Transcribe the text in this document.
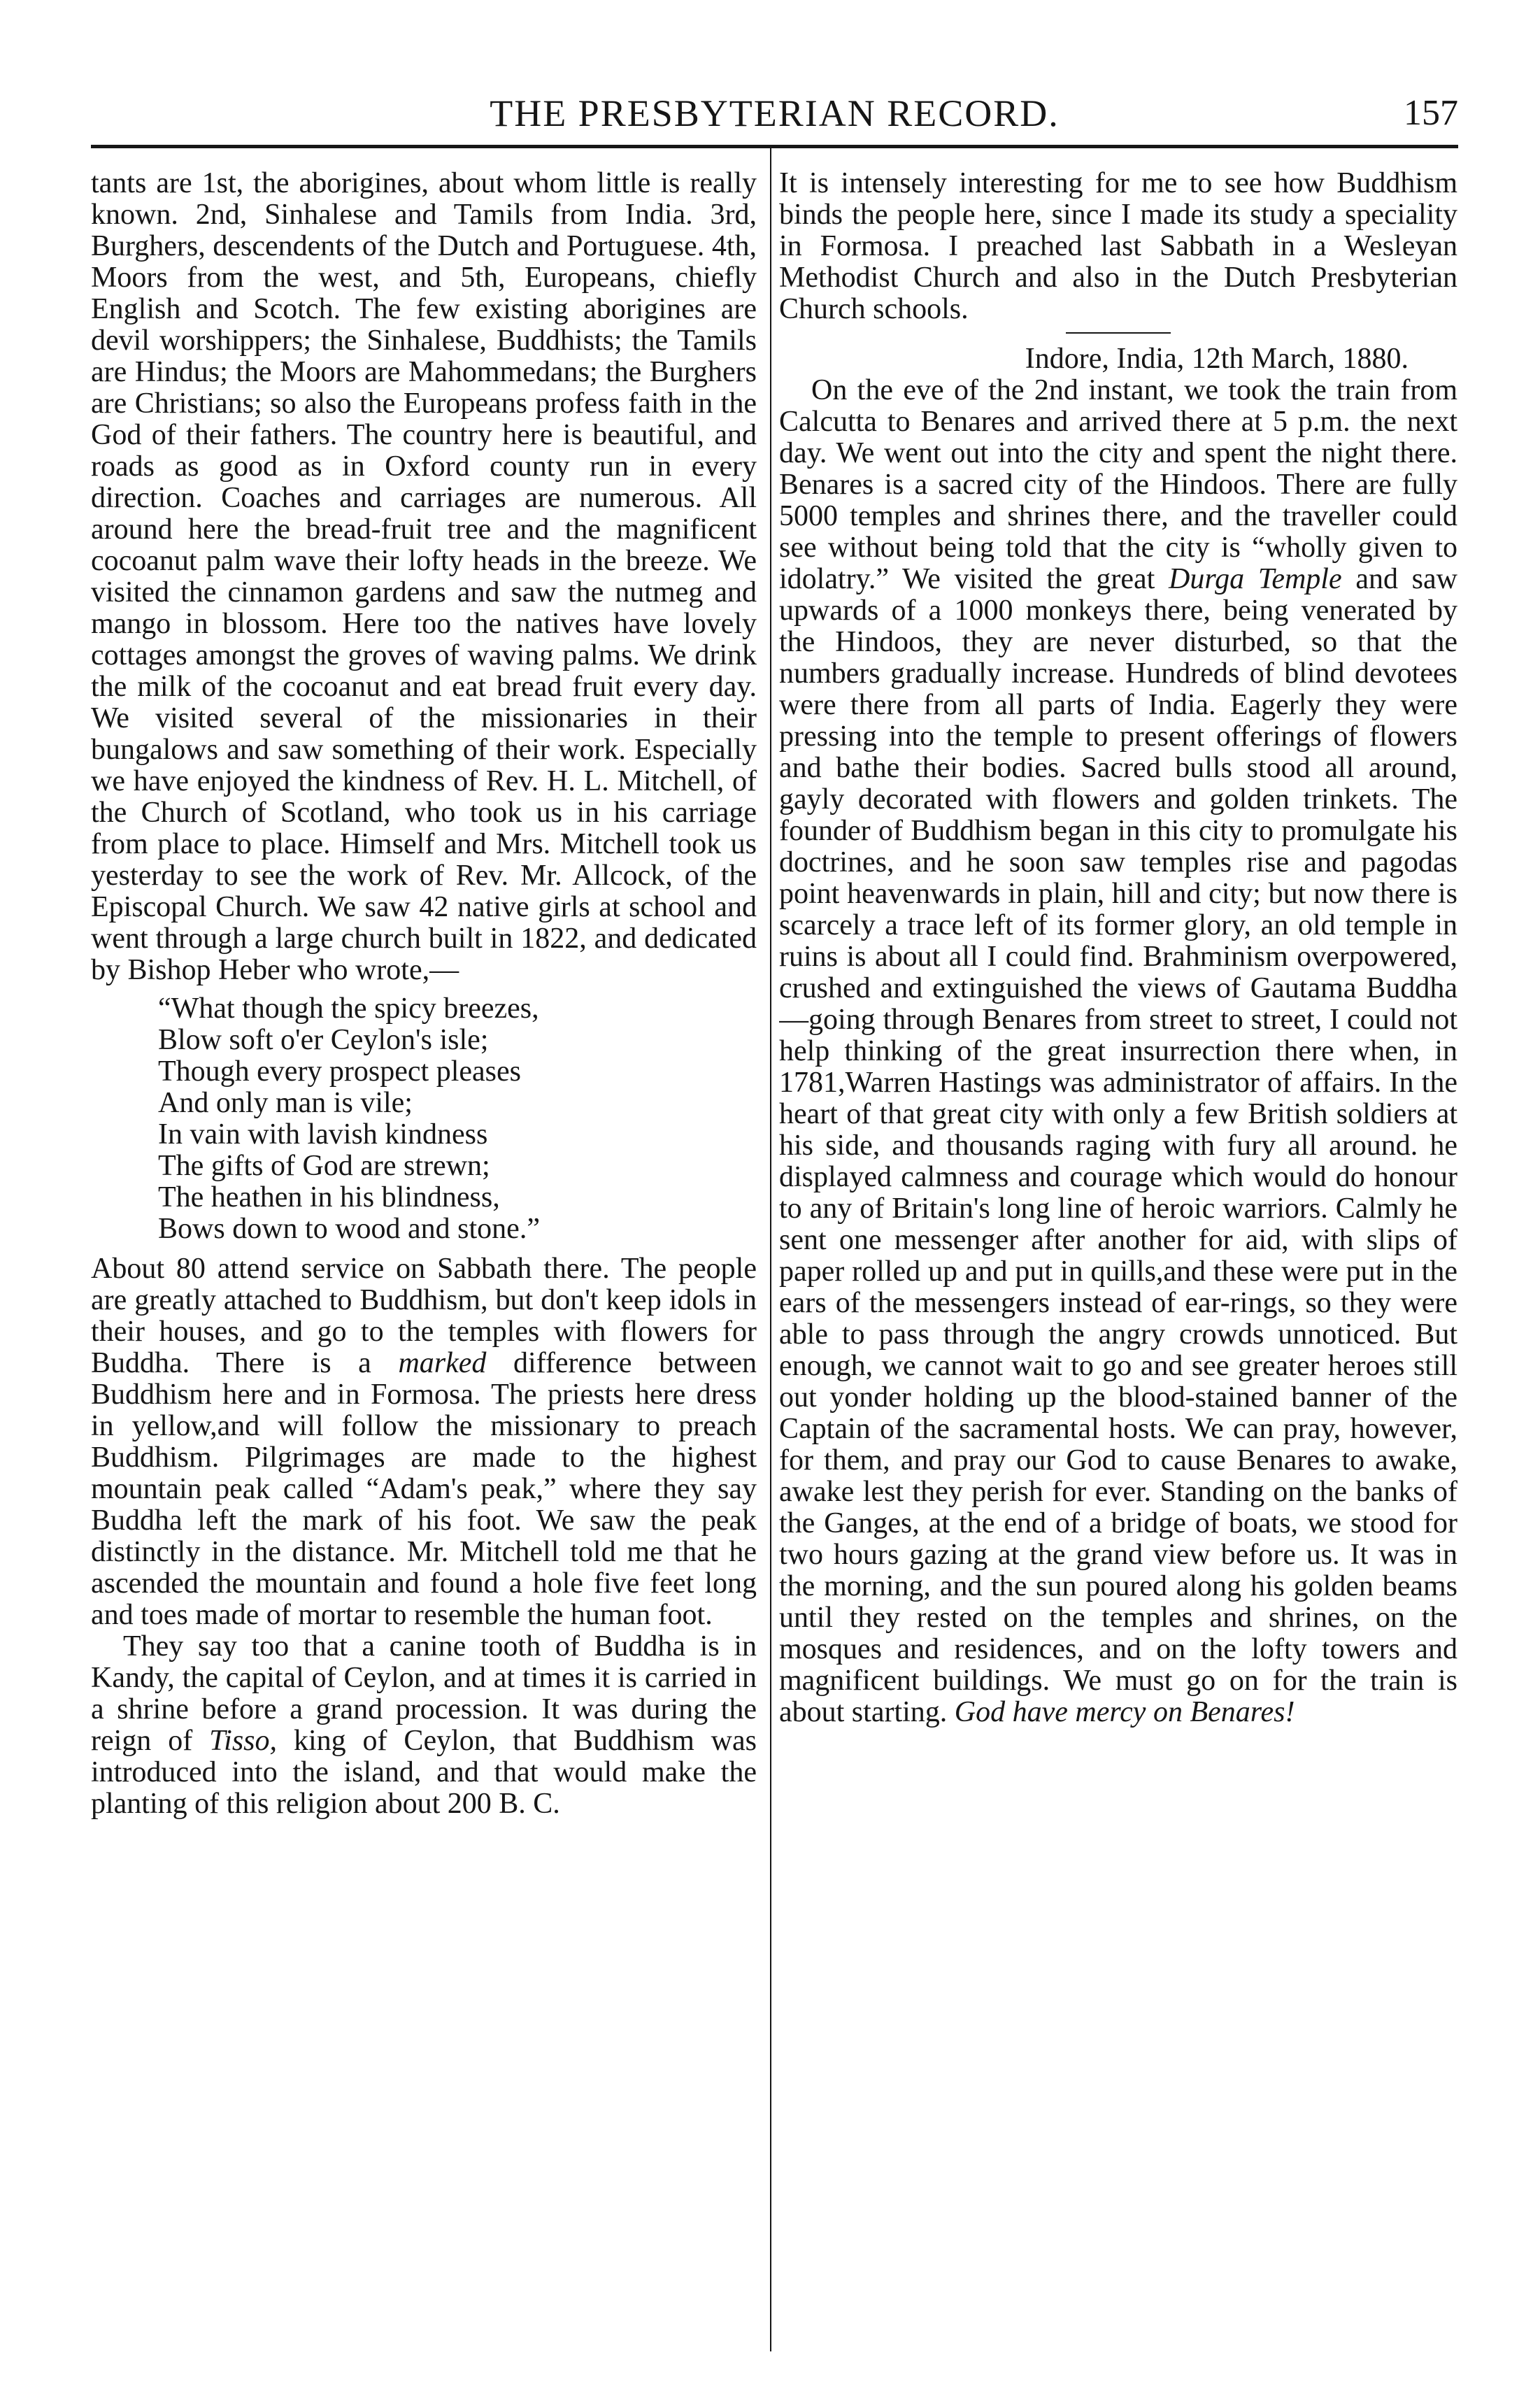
THE PRESBYTERIAN RECORD.	157

tants are 1st, the aborigines, about whom little is really known. 2nd, Sinhalese and Tamils from India. 3rd, Burghers, descendents of the Dutch and Portuguese. 4th, Moors from the west, and 5th, Europeans, chiefly English and Scotch. The few existing aborigines are devil worshippers; the Sinhalese, Buddhists; the Tamils are Hindus; the Moors are Mahommedans; the Burghers are Christians; so also the Europeans profess faith in the God of their fathers. The country here is beautiful, and roads as good as in Oxford county run in every direction. Coaches and carriages are numerous. All around here the bread-fruit tree and the magnificent cocoanut palm wave their lofty heads in the breeze. We visited the cinnamon gardens and saw the nutmeg and mango in blossom. Here too the natives have lovely cottages amongst the groves of waving palms. We drink the milk of the cocoanut and eat bread fruit every day. We visited several of the missionaries in their bungalows and saw something of their work. Especially we have enjoyed the kindness of Rev. H. L. Mitchell, of the Church of Scotland, who took us in his carriage from place to place. Himself and Mrs. Mitchell took us yesterday to see the work of Rev. Mr. Allcock, of the Episcopal Church. We saw 42 native girls at school and went through a large church built in 1822, and dedicated by Bishop Heber who wrote,—

“What though the spicy breezes,
Blow soft o'er Ceylon's isle;
Though every prospect pleases
And only man is vile;
In vain with lavish kindness
The gifts of God are strewn;
The heathen in his blindness,
Bows down to wood and stone.”

About 80 attend service on Sabbath there. The people are greatly attached to Buddhism, but don't keep idols in their houses, and go to the temples with flowers for Buddha. There is a marked difference between Buddhism here and in Formosa. The priests here dress in yellow,and will follow the missionary to preach Buddhism. Pilgrimages are made to the highest mountain peak called “Adam's peak,” where they say Buddha left the mark of his foot. We saw the peak distinctly in the distance. Mr. Mitchell told me that he ascended the mountain and found a hole five feet long and toes made of mortar to resemble the human foot.

They say too that a canine tooth of Buddha is in Kandy, the capital of Ceylon, and at times it is carried in a shrine before a grand procession. It was during the reign of Tisso, king of Ceylon, that Buddhism was introduced into the island, and that would make the planting of this religion about 200 B. C.

It is intensely interesting for me to see how Buddhism binds the people here, since I made its study a speciality in Formosa. I preached last Sabbath in a Wesleyan Methodist Church and also in the Dutch Presbyterian Church schools.

Indore, India, 12th March, 1880.

On the eve of the 2nd instant, we took the train from Calcutta to Benares and arrived there at 5 p.m. the next day. We went out into the city and spent the night there. Benares is a sacred city of the Hindoos. There are fully 5000 temples and shrines there, and the traveller could see without being told that the city is “wholly given to idolatry.” We visited the great Durga Temple and saw upwards of a 1000 monkeys there, being venerated by the Hindoos, they are never disturbed, so that the numbers gradually increase. Hundreds of blind devotees were there from all parts of India. Eagerly they were pressing into the temple to present offerings of flowers and bathe their bodies. Sacred bulls stood all around, gayly decorated with flowers and golden trinkets. The founder of Buddhism began in this city to promulgate his doctrines, and he soon saw temples rise and pagodas point heavenwards in plain, hill and city; but now there is scarcely a trace left of its former glory, an old temple in ruins is about all I could find. Brahminism overpowered, crushed and extinguished the views of Gautama Buddha—going through Benares from street to street, I could not help thinking of the great insurrection there when, in 1781,Warren Hastings was administrator of affairs. In the heart of that great city with only a few British soldiers at his side, and thousands raging with fury all around. he displayed calmness and courage which would do honour to any of Britain's long line of heroic warriors. Calmly he sent one messenger after another for aid, with slips of paper rolled up and put in quills,and these were put in the ears of the messengers instead of ear-rings, so they were able to pass through the angry crowds unnoticed. But enough, we cannot wait to go and see greater heroes still out yonder holding up the blood-stained banner of the Captain of the sacramental hosts. We can pray, however, for them, and pray our God to cause Benares to awake, awake lest they perish for ever. Standing on the banks of the Ganges, at the end of a bridge of boats, we stood for two hours gazing at the grand view before us. It was in the morning, and the sun poured along his golden beams until they rested on the temples and shrines, on the mosques and residences, and on the lofty towers and magnificent buildings. We must go on for the train is about starting. God have mercy on Benares!
